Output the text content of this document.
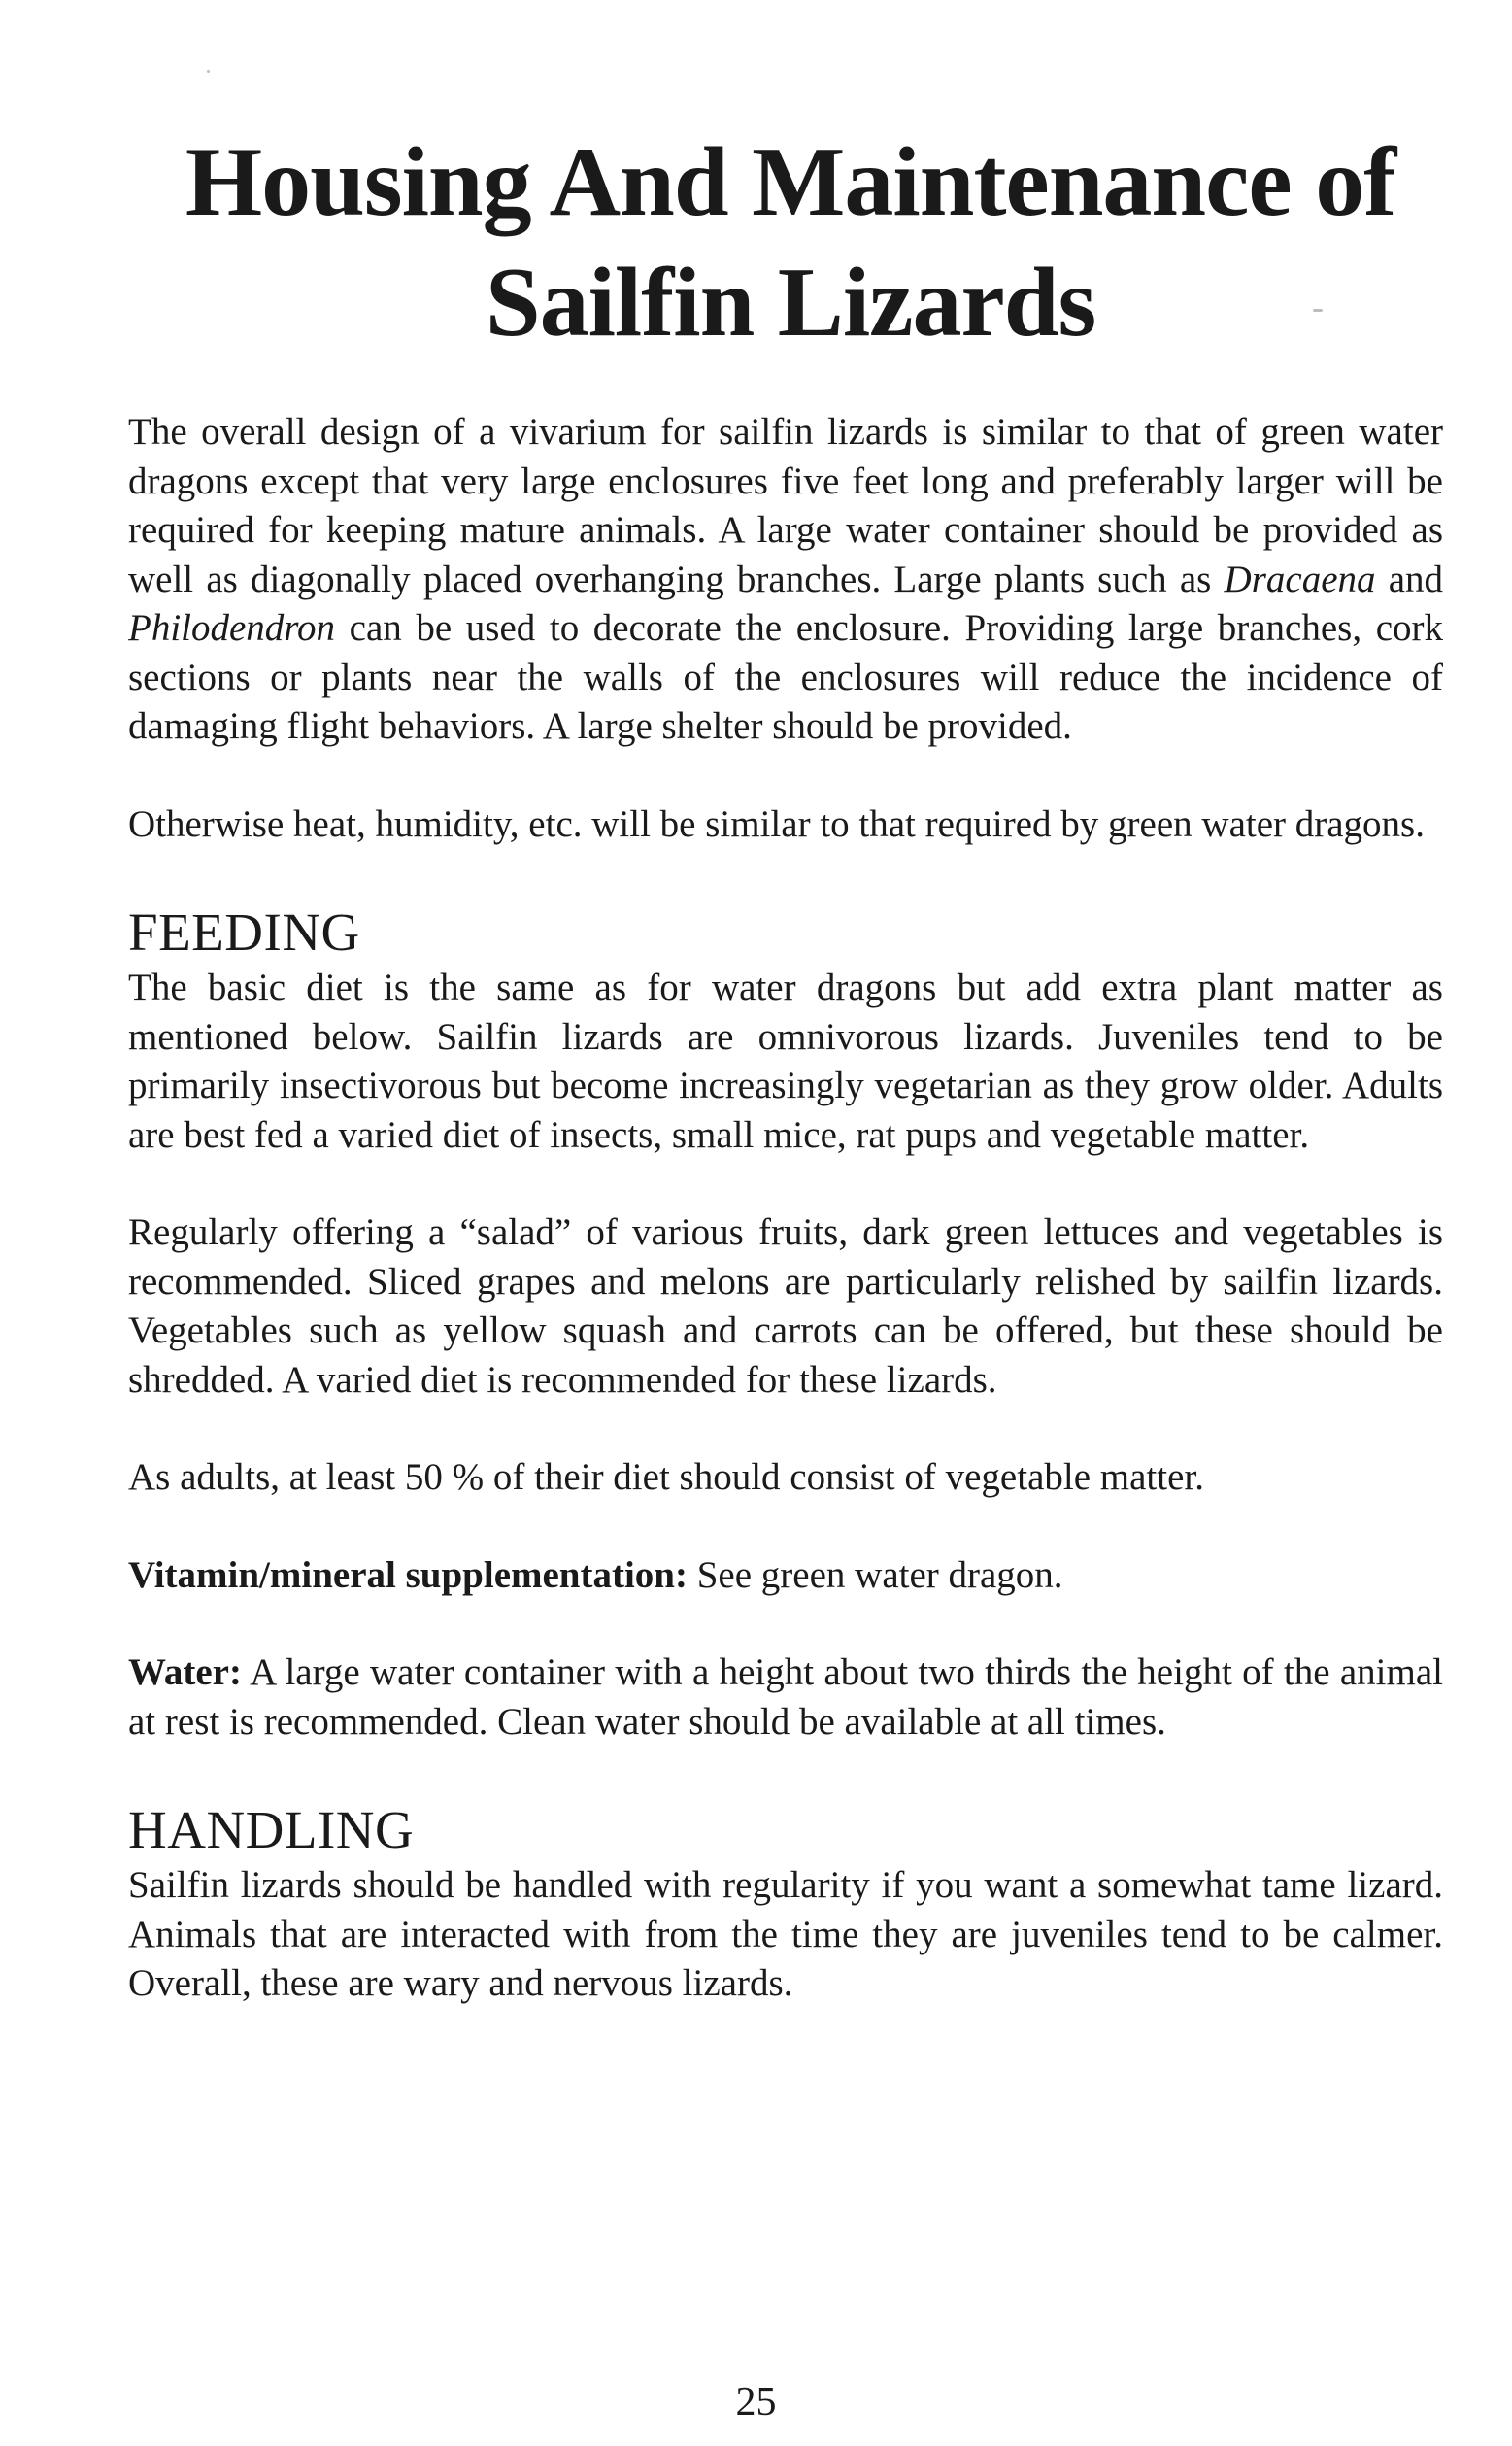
Housing And Maintenance of
Sailfin Lizards

The overall design of a vivarium for sailfin lizards is similar to that of green water dragons except that very large enclosures five feet long and preferably larger will be required for keeping mature animals. A large water container should be provided as well as diagonally placed overhanging branches. Large plants such as Dracaena and Philodendron can be used to decorate the enclosure. Providing large branches, cork sections or plants near the walls of the enclosures will reduce the incidence of damaging flight behaviors. A large shelter should be provided.

Otherwise heat, humidity, etc. will be similar to that required by green water dragons.

FEEDING

The basic diet is the same as for water dragons but add extra plant matter as mentioned below. Sailfin lizards are omnivorous lizards. Juveniles tend to be primarily insectivorous but become increasingly vegetarian as they grow older. Adults are best fed a varied diet of insects, small mice, rat pups and vegetable matter.

Regularly offering a “salad” of various fruits, dark green lettuces and vegetables is recommended. Sliced grapes and melons are particularly relished by sailfin lizards. Vegetables such as yellow squash and carrots can be offered, but these should be shredded. A varied diet is recommended for these lizards.

As adults, at least 50 % of their diet should consist of vegetable matter.

Vitamin/mineral supplementation: See green water dragon.

Water: A large water container with a height about two thirds the height of the animal at rest is recommended. Clean water should be available at all times.

HANDLING

Sailfin lizards should be handled with regularity if you want a somewhat tame lizard. Animals that are interacted with from the time they are juveniles tend to be calmer. Overall, these are wary and nervous lizards.

25
